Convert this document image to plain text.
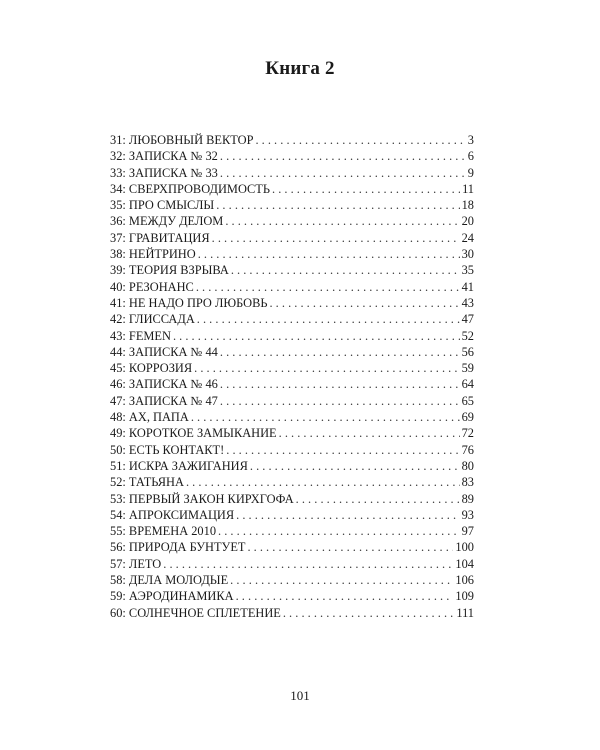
Книга 2
31: ЛЮБОВНЫЙ ВЕКТОР . . .	3
32: ЗАПИСКА № 32 . . .	6
33: ЗАПИСКА № 33 . . .	9
34: СВЕРХПРОВОДИМОСТЬ . . .	11
35: ПРО СМЫСЛЫ . . .	18
36: МЕЖДУ ДЕЛОМ . . .	20
37: ГРАВИТАЦИЯ . . .	24
38: НЕЙТРИНО . . .	30
39: ТЕОРИЯ ВЗРЫВА . . .	35
40: РЕЗОНАНС . . .	41
41: НЕ НАДО ПРО ЛЮБОВЬ . . .	43
42: ГЛИССАДА . . .	47
43: FEMEN . . .	52
44: ЗАПИСКА № 44 . . .	56
45: КОРРОЗИЯ . . .	59
46: ЗАПИСКА № 46 . . .	64
47: ЗАПИСКА № 47 . . .	65
48: АХ, ПАПА . . .	69
49: КОРОТКОЕ ЗАМЫКАНИЕ . . .	72
50: ЕСТЬ КОНТАКТ! . . .	76
51: ИСКРА ЗАЖИГАНИЯ . . .	80
52: ТАТЬЯНА . . .	83
53: ПЕРВЫЙ ЗАКОН КИРХГОФА . . .	89
54: АПРОКСИМАЦИЯ . . .	93
55: ВРЕМЕНА 2010 . . .	97
56: ПРИРОДА БУНТУЕТ . . .	100
57: ЛЕТО . . .	104
58: ДЕЛА МОЛОДЫЕ . . .	106
59: АЭРОДИНАМИКА . . .	109
60: СОЛНЕЧНОЕ СПЛЕТЕНИЕ . . .	111
101
